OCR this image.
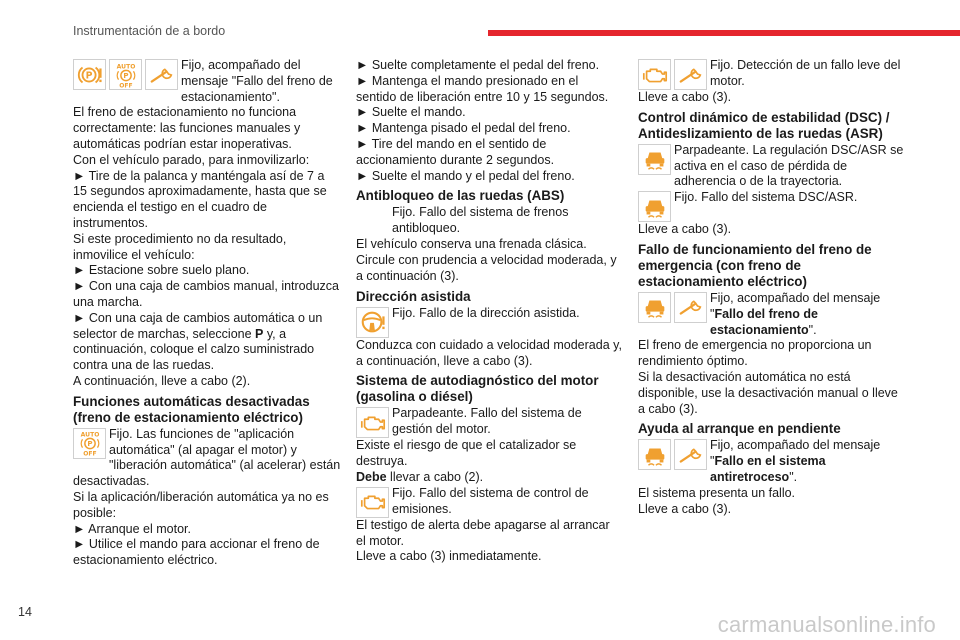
Instrumentación de a bordo

Fijo, acompañado del mensaje "Fallo del freno de estacionamiento".

El freno de estacionamiento no funciona correctamente: las funciones manuales y automáticas podrían estar inoperativas.

Con el vehículo parado, para inmovilizarlo:

► Tire de la palanca y manténgala así de 7 a 15 segundos aproximadamente, hasta que se encienda el testigo en el cuadro de instrumentos.

Si este procedimiento no da resultado, inmovilice el vehículo:

► Estacione sobre suelo plano.

► Con una caja de cambios manual, introduzca una marcha.

► Con una caja de cambios automática o un selector de marchas, seleccione P y, a continuación, coloque el calzo suministrado contra una de las ruedas.

A continuación, lleve a cabo (2).

Funciones automáticas desactivadas (freno de estacionamiento eléctrico)

Fijo. Las funciones de "aplicación automática" (al apagar el motor) y "liberación automática" (al acelerar) están desactivadas.

Si la aplicación/liberación automática ya no es posible:

► Arranque el motor.

► Utilice el mando para accionar el freno de estacionamiento eléctrico.

► Suelte completamente el pedal del freno.

► Mantenga el mando presionado en el sentido de liberación entre 10 y 15 segundos.

► Suelte el mando.

► Mantenga pisado el pedal del freno.

► Tire del mando en el sentido de accionamiento durante 2 segundos.

► Suelte el mando y el pedal del freno.

Antibloqueo de las ruedas (ABS)

Fijo. Fallo del sistema de frenos antibloqueo.

El vehículo conserva una frenada clásica.

Circule con prudencia a velocidad moderada, y a continuación (3).

Dirección asistida

Fijo. Fallo de la dirección asistida.

Conduzca con cuidado a velocidad moderada y, a continuación, lleve a cabo (3).

Sistema de autodiagnóstico del motor (gasolina o diésel)

Parpadeante. Fallo del sistema de gestión del motor.

Existe el riesgo de que el catalizador se destruya.

Debe llevar a cabo (2).

Fijo. Fallo del sistema de control de emisiones.

El testigo de alerta debe apagarse al arrancar el motor.

Lleve a cabo (3) inmediatamente.

Fijo. Detección de un fallo leve del motor.

Lleve a cabo (3).

Control dinámico de estabilidad (DSC) / Antideslizamiento de las ruedas (ASR)

Parpadeante. La regulación DSC/ASR se activa en el caso de pérdida de adherencia o de la trayectoria.

Fijo. Fallo del sistema DSC/ASR.

Lleve a cabo (3).

Fallo de funcionamiento del freno de emergencia (con freno de estacionamiento eléctrico)

Fijo, acompañado del mensaje "Fallo del freno de estacionamiento".

El freno de emergencia no proporciona un rendimiento óptimo.

Si la desactivación automática no está disponible, use la desactivación manual o lleve a cabo (3).

Ayuda al arranque en pendiente

Fijo, acompañado del mensaje "Fallo en el sistema antiretroceso".

El sistema presenta un fallo.

Lleve a cabo (3).

14	carmanualsonline.info
